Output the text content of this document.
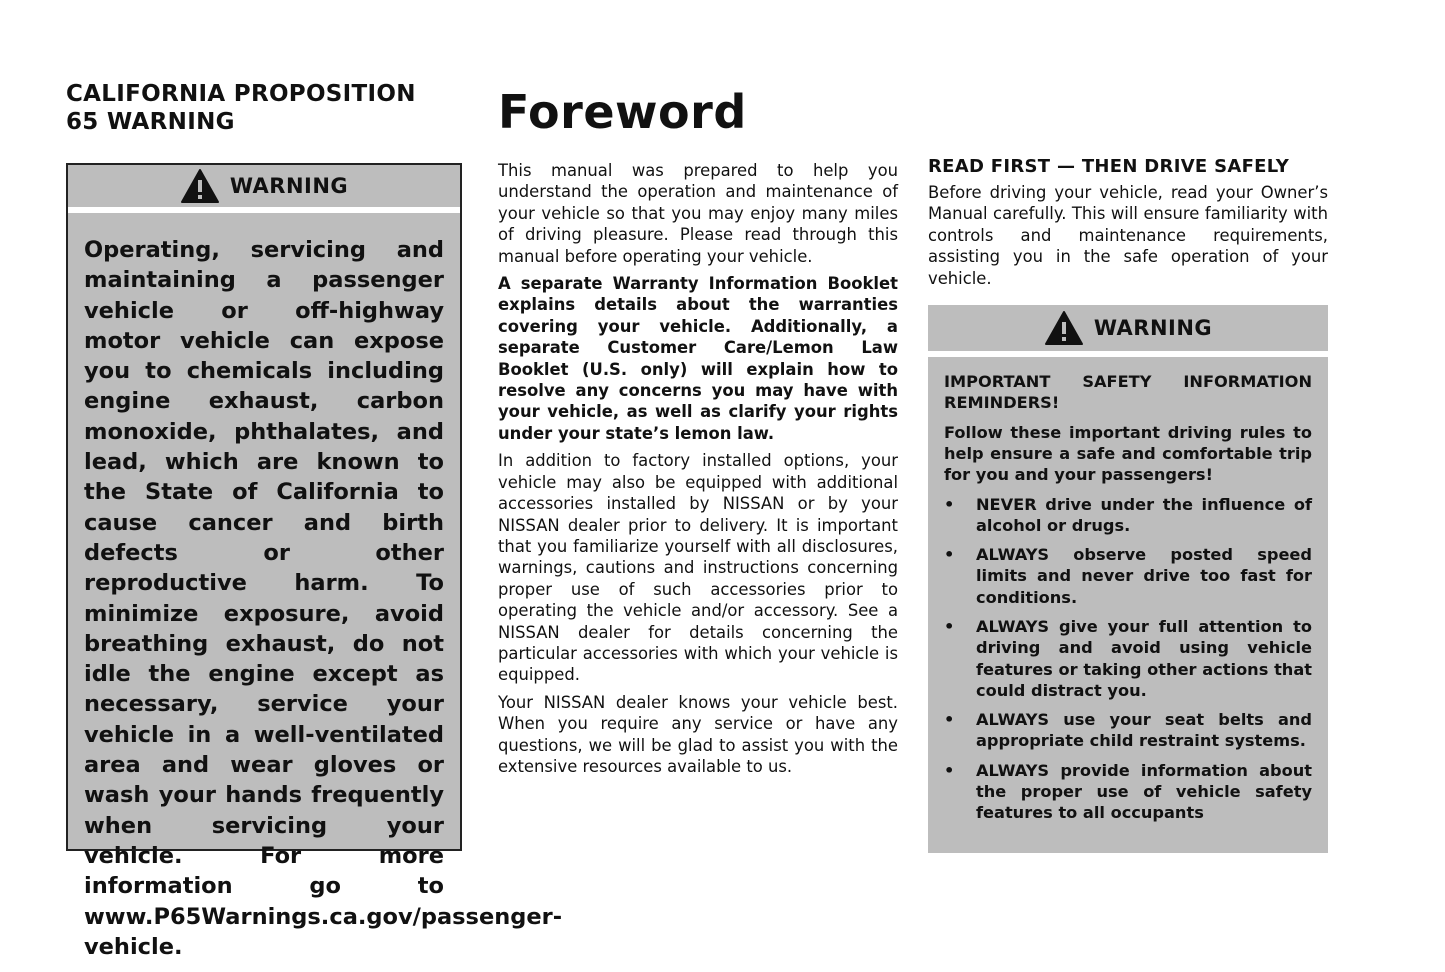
CALIFORNIA PROPOSITION
65 WARNING
WARNING
Operating, servicing and maintaining a passenger vehicle or off-highway motor vehicle can expose you to chemicals including engine exhaust, carbon monoxide, phthalates, and lead, which are known to the State of California to cause cancer and birth defects or other reproductive harm. To minimize exposure, avoid breathing exhaust, do not idle the engine except as necessary, service your vehicle in a well-ventilated area and wear gloves or wash your hands frequently when servicing your vehicle. For more information go to www.P65Warnings.ca.gov/passenger-vehicle.
Foreword

This manual was prepared to help you understand the operation and maintenance of your vehicle so that you may enjoy many miles of driving pleasure. Please read through this manual before operating your vehicle.

A separate Warranty Information Booklet explains details about the warranties covering your vehicle. Additionally, a separate Customer Care/Lemon Law Booklet (U.S. only) will explain how to resolve any concerns you may have with your vehicle, as well as clarify your rights under your state’s lemon law.

In addition to factory installed options, your vehicle may also be equipped with additional accessories installed by NISSAN or by your NISSAN dealer prior to delivery. It is important that you familiarize yourself with all disclosures, warnings, cautions and instructions concerning proper use of such accessories prior to operating the vehicle and/or accessory. See a NISSAN dealer for details concerning the particular accessories with which your vehicle is equipped.

Your NISSAN dealer knows your vehicle best. When you require any service or have any questions, we will be glad to assist you with the extensive resources available to us.

READ FIRST — THEN DRIVE SAFELY

Before driving your vehicle, read your Owner’s Manual carefully. This will ensure familiarity with controls and maintenance requirements, assisting you in the safe operation of your vehicle.

WARNING

IMPORTANT SAFETY INFORMATION REMINDERS!

Follow these important driving rules to help ensure a safe and comfortable trip for you and your passengers!

•	NEVER drive under the influence of alcohol or drugs.
•	ALWAYS observe posted speed limits and never drive too fast for conditions.
•	ALWAYS give your full attention to driving and avoid using vehicle features or taking other actions that could distract you.
•	ALWAYS use your seat belts and appropriate child restraint systems.
•	ALWAYS provide information about the proper use of vehicle safety features to all occupants
